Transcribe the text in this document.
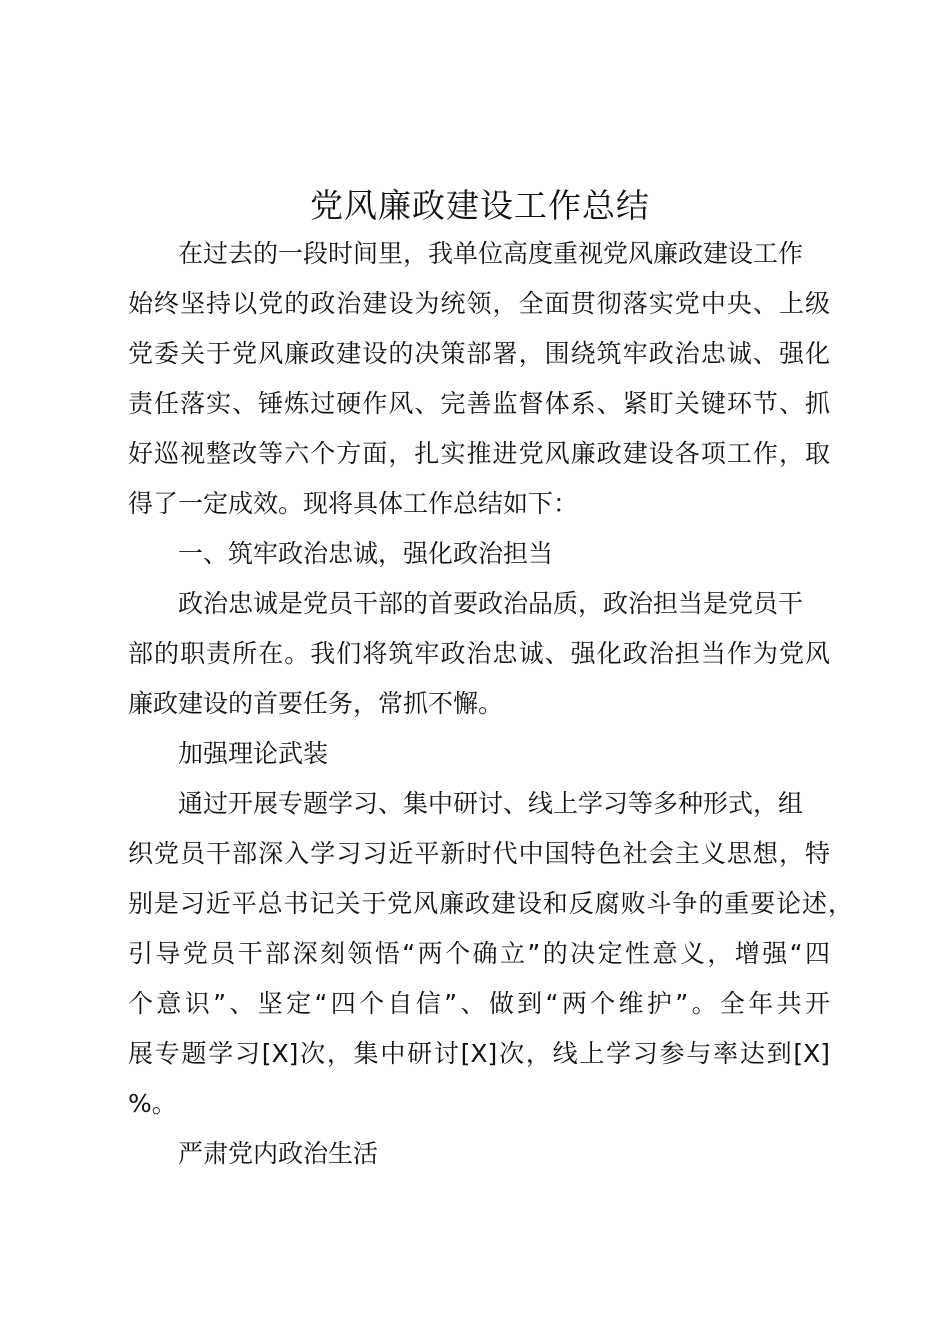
党风廉政建设工作总结
在过去的一段时间里，我单位高度重视党风廉政建设工作
始终坚持以党的政治建设为统领，全面贯彻落实党中央、上级
党委关于党风廉政建设的决策部署，围绕筑牢政治忠诚、强化
责任落实、锤炼过硬作风、完善监督体系、紧盯关键环节、抓
好巡视整改等六个方面，扎实推进党风廉政建设各项工作，取
得了一定成效。现将具体工作总结如下：
一、筑牢政治忠诚，强化政治担当
政治忠诚是党员干部的首要政治品质，政治担当是党员干
部的职责所在。我们将筑牢政治忠诚、强化政治担当作为党风
廉政建设的首要任务，常抓不懈。
加强理论武装
通过开展专题学习、集中研讨、线上学习等多种形式，组
织党员干部深入学习习近平新时代中国特色社会主义思想，特
别是习近平总书记关于党风廉政建设和反腐败斗争的重要论述，
引导党员干部深刻领悟“两个确立”的决定性意义，增强“四
个意识”、坚定“四个自信”、做到“两个维护”。全年共开
展专题学习[X]次，集中研讨[X]次，线上学习参与率达到[X]
%。
严肃党内政治生活
